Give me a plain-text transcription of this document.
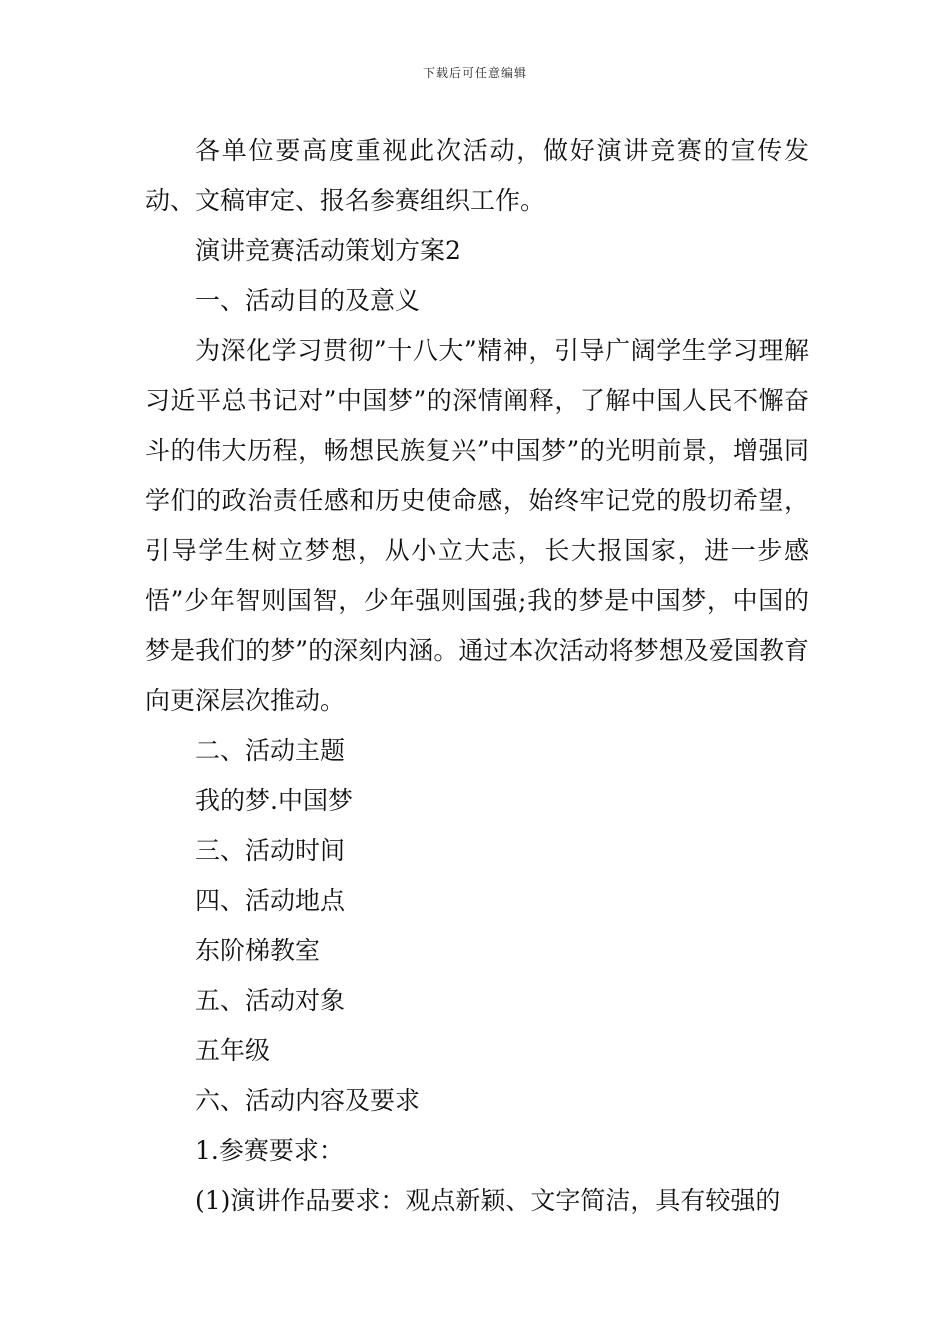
下载后可任意编辑

各单位要高度重视此次活动，做好演讲竞赛的宣传发动、文稿审定、报名参赛组织工作。

演讲竞赛活动策划方案2

一、活动目的及意义

为深化学习贯彻”十八大”精神，引导广阔学生学习理解习近平总书记对”中国梦”的深情阐释，了解中国人民不懈奋斗的伟大历程，畅想民族复兴”中国梦”的光明前景，增强同学们的政治责任感和历史使命感，始终牢记党的殷切希望，引导学生树立梦想，从小立大志，长大报国家，进一步感悟”少年智则国智，少年强则国强;我的梦是中国梦，中国的梦是我们的梦”的深刻内涵。通过本次活动将梦想及爱国教育向更深层次推动。

二、活动主题

我的梦.中国梦

三、活动时间

四、活动地点

东阶梯教室

五、活动对象

五年级

六、活动内容及要求

1.参赛要求：

(1)演讲作品要求：观点新颖、文字简洁，具有较强的
